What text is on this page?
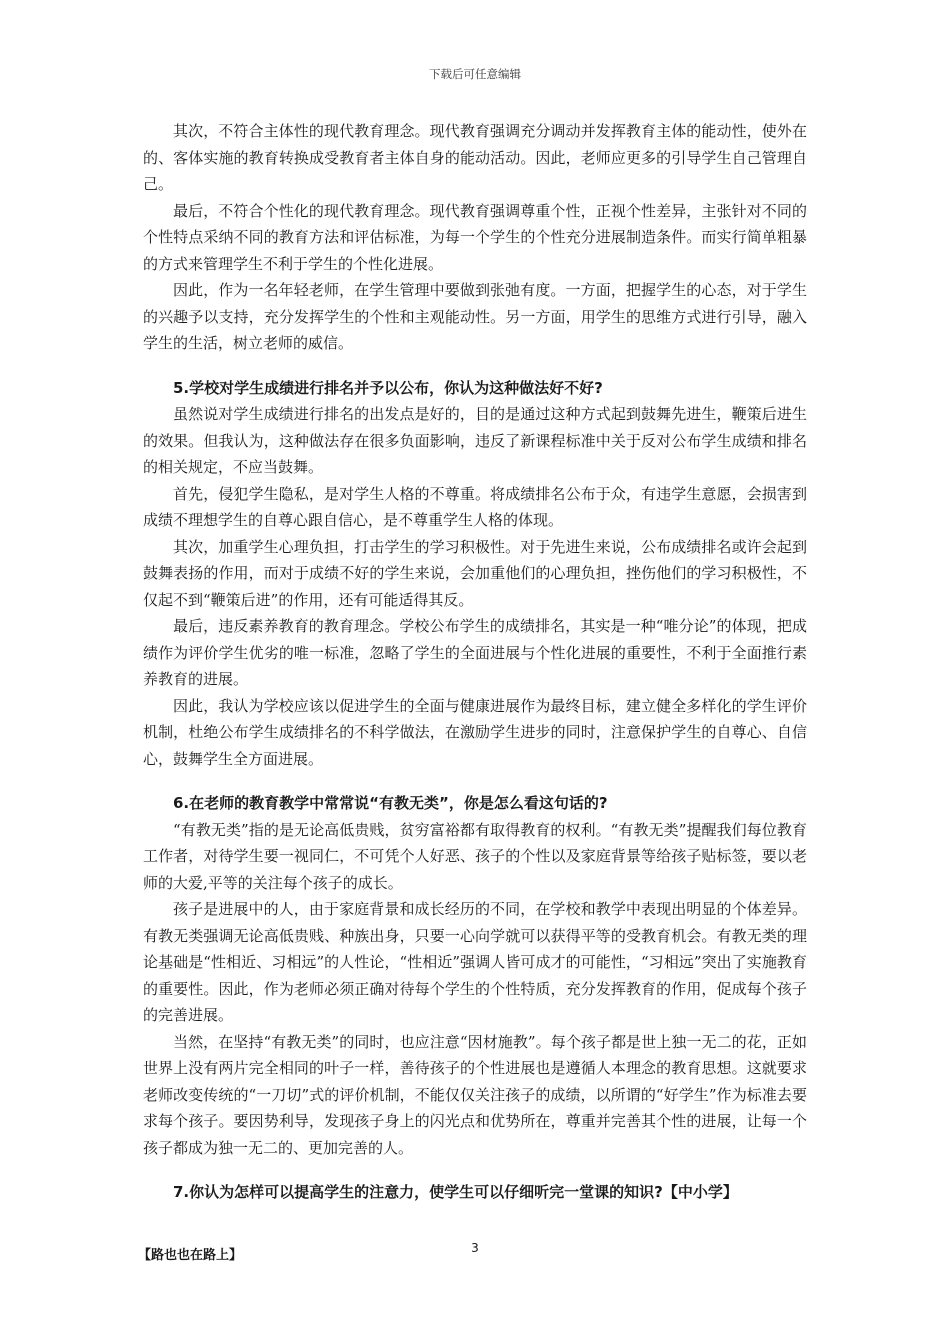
下载后可任意编辑

其次，不符合主体性的现代教育理念。现代教育强调充分调动并发挥教育主体的能动性，使外在的、客体实施的教育转换成受教育者主体自身的能动活动。因此，老师应更多的引导学生自己管理自己。

最后，不符合个性化的现代教育理念。现代教育强调尊重个性，正视个性差异，主张针对不同的个性特点采纳不同的教育方法和评估标准，为每一个学生的个性充分进展制造条件。而实行简单粗暴的方式来管理学生不利于学生的个性化进展。

因此，作为一名年轻老师，在学生管理中要做到张弛有度。一方面，把握学生的心态，对于学生的兴趣予以支持，充分发挥学生的个性和主观能动性。另一方面，用学生的思维方式进行引导，融入学生的生活，树立老师的威信。

5.学校对学生成绩进行排名并予以公布，你认为这种做法好不好?

虽然说对学生成绩进行排名的出发点是好的，目的是通过这种方式起到鼓舞先进生，鞭策后进生的效果。但我认为，这种做法存在很多负面影响，违反了新课程标准中关于反对公布学生成绩和排名的相关规定，不应当鼓舞。

首先，侵犯学生隐私，是对学生人格的不尊重。将成绩排名公布于众，有违学生意愿，会损害到成绩不理想学生的自尊心跟自信心，是不尊重学生人格的体现。

其次，加重学生心理负担，打击学生的学习积极性。对于先进生来说，公布成绩排名或许会起到鼓舞表扬的作用，而对于成绩不好的学生来说，会加重他们的心理负担，挫伤他们的学习积极性，不仅起不到“鞭策后进”的作用，还有可能适得其反。

最后，违反素养教育的教育理念。学校公布学生的成绩排名，其实是一种“唯分论”的体现，把成绩作为评价学生优劣的唯一标准，忽略了学生的全面进展与个性化进展的重要性，不利于全面推行素养教育的进展。

因此，我认为学校应该以促进学生的全面与健康进展作为最终目标，建立健全多样化的学生评价机制，杜绝公布学生成绩排名的不科学做法，在激励学生进步的同时，注意保护学生的自尊心、自信心，鼓舞学生全方面进展。

6.在老师的教育教学中常常说“有教无类”，你是怎么看这句话的?

“有教无类”指的是无论高低贵贱，贫穷富裕都有取得教育的权利。“有教无类”提醒我们每位教育工作者，对待学生要一视同仁，不可凭个人好恶、孩子的个性以及家庭背景等给孩子贴标签，要以老师的大爱,平等的关注每个孩子的成长。

孩子是进展中的人，由于家庭背景和成长经历的不同，在学校和教学中表现出明显的个体差异。有教无类强调无论高低贵贱、种族出身，只要一心向学就可以获得平等的受教育机会。有教无类的理论基础是“性相近、习相远”的人性论，“性相近”强调人皆可成才的可能性，“习相远”突出了实施教育的重要性。因此，作为老师必须正确对待每个学生的个性特质，充分发挥教育的作用，促成每个孩子的完善进展。

当然，在坚持“有教无类”的同时，也应注意“因材施教”。每个孩子都是世上独一无二的花，正如世界上没有两片完全相同的叶子一样，善待孩子的个性进展也是遵循人本理念的教育思想。这就要求老师改变传统的“一刀切”式的评价机制，不能仅仅关注孩子的成绩，以所谓的“好学生”作为标准去要求每个孩子。要因势利导，发现孩子身上的闪光点和优势所在，尊重并完善其个性的进展，让每一个孩子都成为独一无二的、更加完善的人。

7.你认为怎样可以提高学生的注意力，使学生可以仔细听完一堂课的知识?【中小学】

【路也也在路上】	3
